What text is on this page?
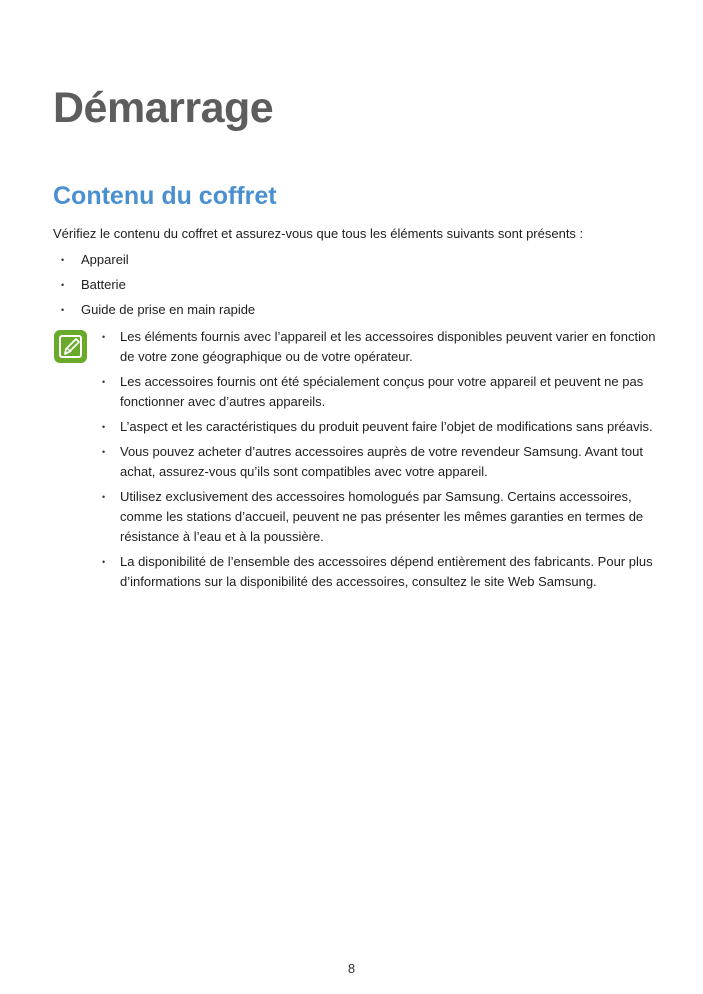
Démarrage
Contenu du coffret

Vérifiez le contenu du coffret et assurez-vous que tous les éléments suivants sont présents :

• Appareil
• Batterie
• Guide de prise en main rapide
• Les éléments fournis avec l’appareil et les accessoires disponibles peuvent varier en fonction de votre zone géographique ou de votre opérateur.
• Les accessoires fournis ont été spécialement conçus pour votre appareil et peuvent ne pas fonctionner avec d’autres appareils.
• L’aspect et les caractéristiques du produit peuvent faire l’objet de modifications sans préavis.
• Vous pouvez acheter d’autres accessoires auprès de votre revendeur Samsung. Avant tout achat, assurez-vous qu’ils sont compatibles avec votre appareil.
• Utilisez exclusivement des accessoires homologués par Samsung. Certains accessoires, comme les stations d’accueil, peuvent ne pas présenter les mêmes garanties en termes de résistance à l’eau et à la poussière.
• La disponibilité de l’ensemble des accessoires dépend entièrement des fabricants. Pour plus d’informations sur la disponibilité des accessoires, consultez le site Web Samsung.
8
